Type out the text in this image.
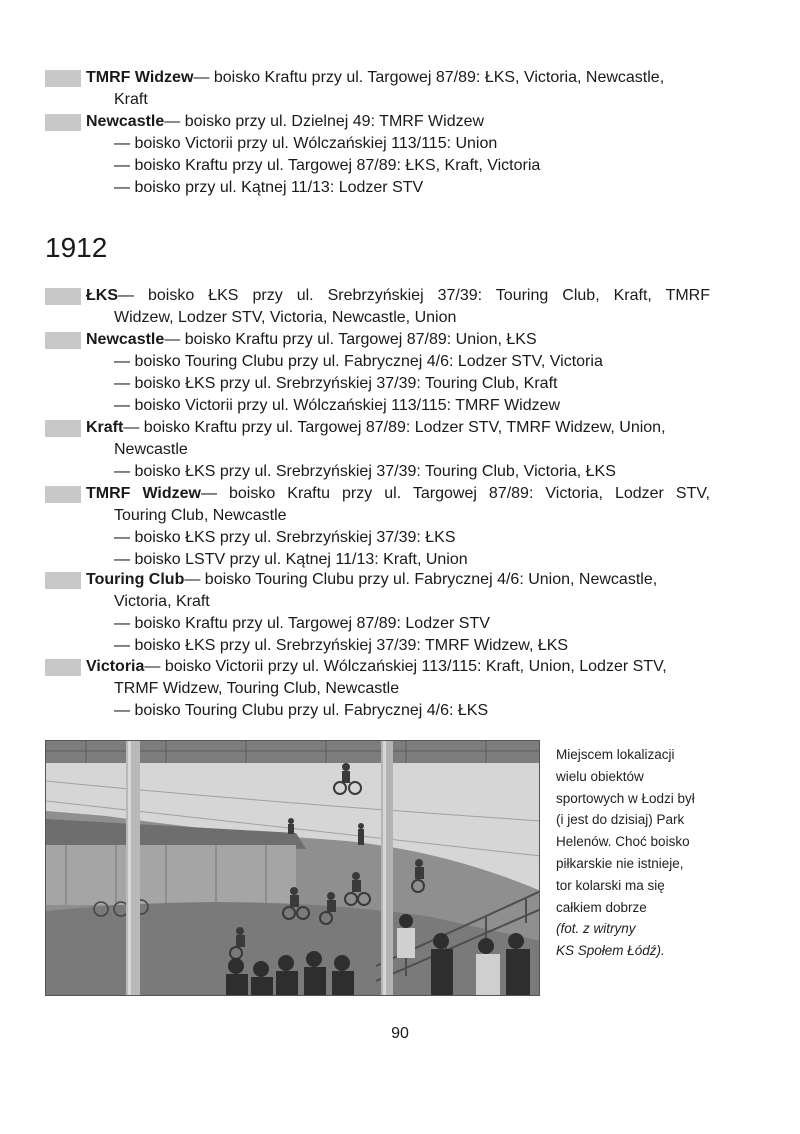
TMRF Widzew— boisko Kraftu przy ul. Targowej 87/89: ŁKS, Victoria, Newcastle,
Kraft
Newcastle— boisko przy ul. Dzielnej 49: TMRF Widzew
— boisko Victorii przy ul. Wólczańskiej 113/115: Union
— boisko Kraftu przy ul. Targowej 87/89: ŁKS, Kraft, Victoria
— boisko przy ul. Kątnej 11/13: Lodzer STV
1912
ŁKS— boisko ŁKS przy ul. Srebrzyńskiej 37/39: Touring Club, Kraft, TMRF
Widzew, Lodzer STV, Victoria, Newcastle, Union
Newcastle— boisko Kraftu przy ul. Targowej 87/89: Union, ŁKS
— boisko Touring Clubu przy ul. Fabrycznej 4/6: Lodzer STV, Victoria
— boisko ŁKS przy ul. Srebrzyńskiej 37/39: Touring Club, Kraft
— boisko Victorii przy ul. Wólczańskiej 113/115: TMRF Widzew
Kraft— boisko Kraftu przy ul. Targowej 87/89: Lodzer STV, TMRF Widzew, Union,
Newcastle
— boisko ŁKS przy ul. Srebrzyńskiej 37/39: Touring Club, Victoria, ŁKS
TMRF Widzew— boisko Kraftu przy ul. Targowej 87/89: Victoria, Lodzer STV,
Touring Club, Newcastle
— boisko ŁKS przy ul. Srebrzyńskiej 37/39: ŁKS
— boisko LSTV przy ul. Kątnej 11/13: Kraft, Union
Touring Club— boisko Touring Clubu przy ul. Fabrycznej 4/6: Union, Newcastle,
Victoria, Kraft
— boisko Kraftu przy ul. Targowej 87/89: Lodzer STV
— boisko ŁKS przy ul. Srebrzyńskiej 37/39: TMRF Widzew, ŁKS
Victoria— boisko Victorii przy ul. Wólczańskiej 113/115: Kraft, Union, Lodzer STV,
TRMF Widzew, Touring Club, Newcastle
— boisko Touring Clubu przy ul. Fabrycznej 4/6: ŁKS
Miejscem lokalizacji
wielu obiektów
sportowych w Łodzi był
(i jest do dzisiaj) Park
Helenów. Choć boisko
piłkarskie nie istnieje,
tor kolarski ma się
całkiem dobrze
(fot. z witryny
KS Społem Łódź).
90
